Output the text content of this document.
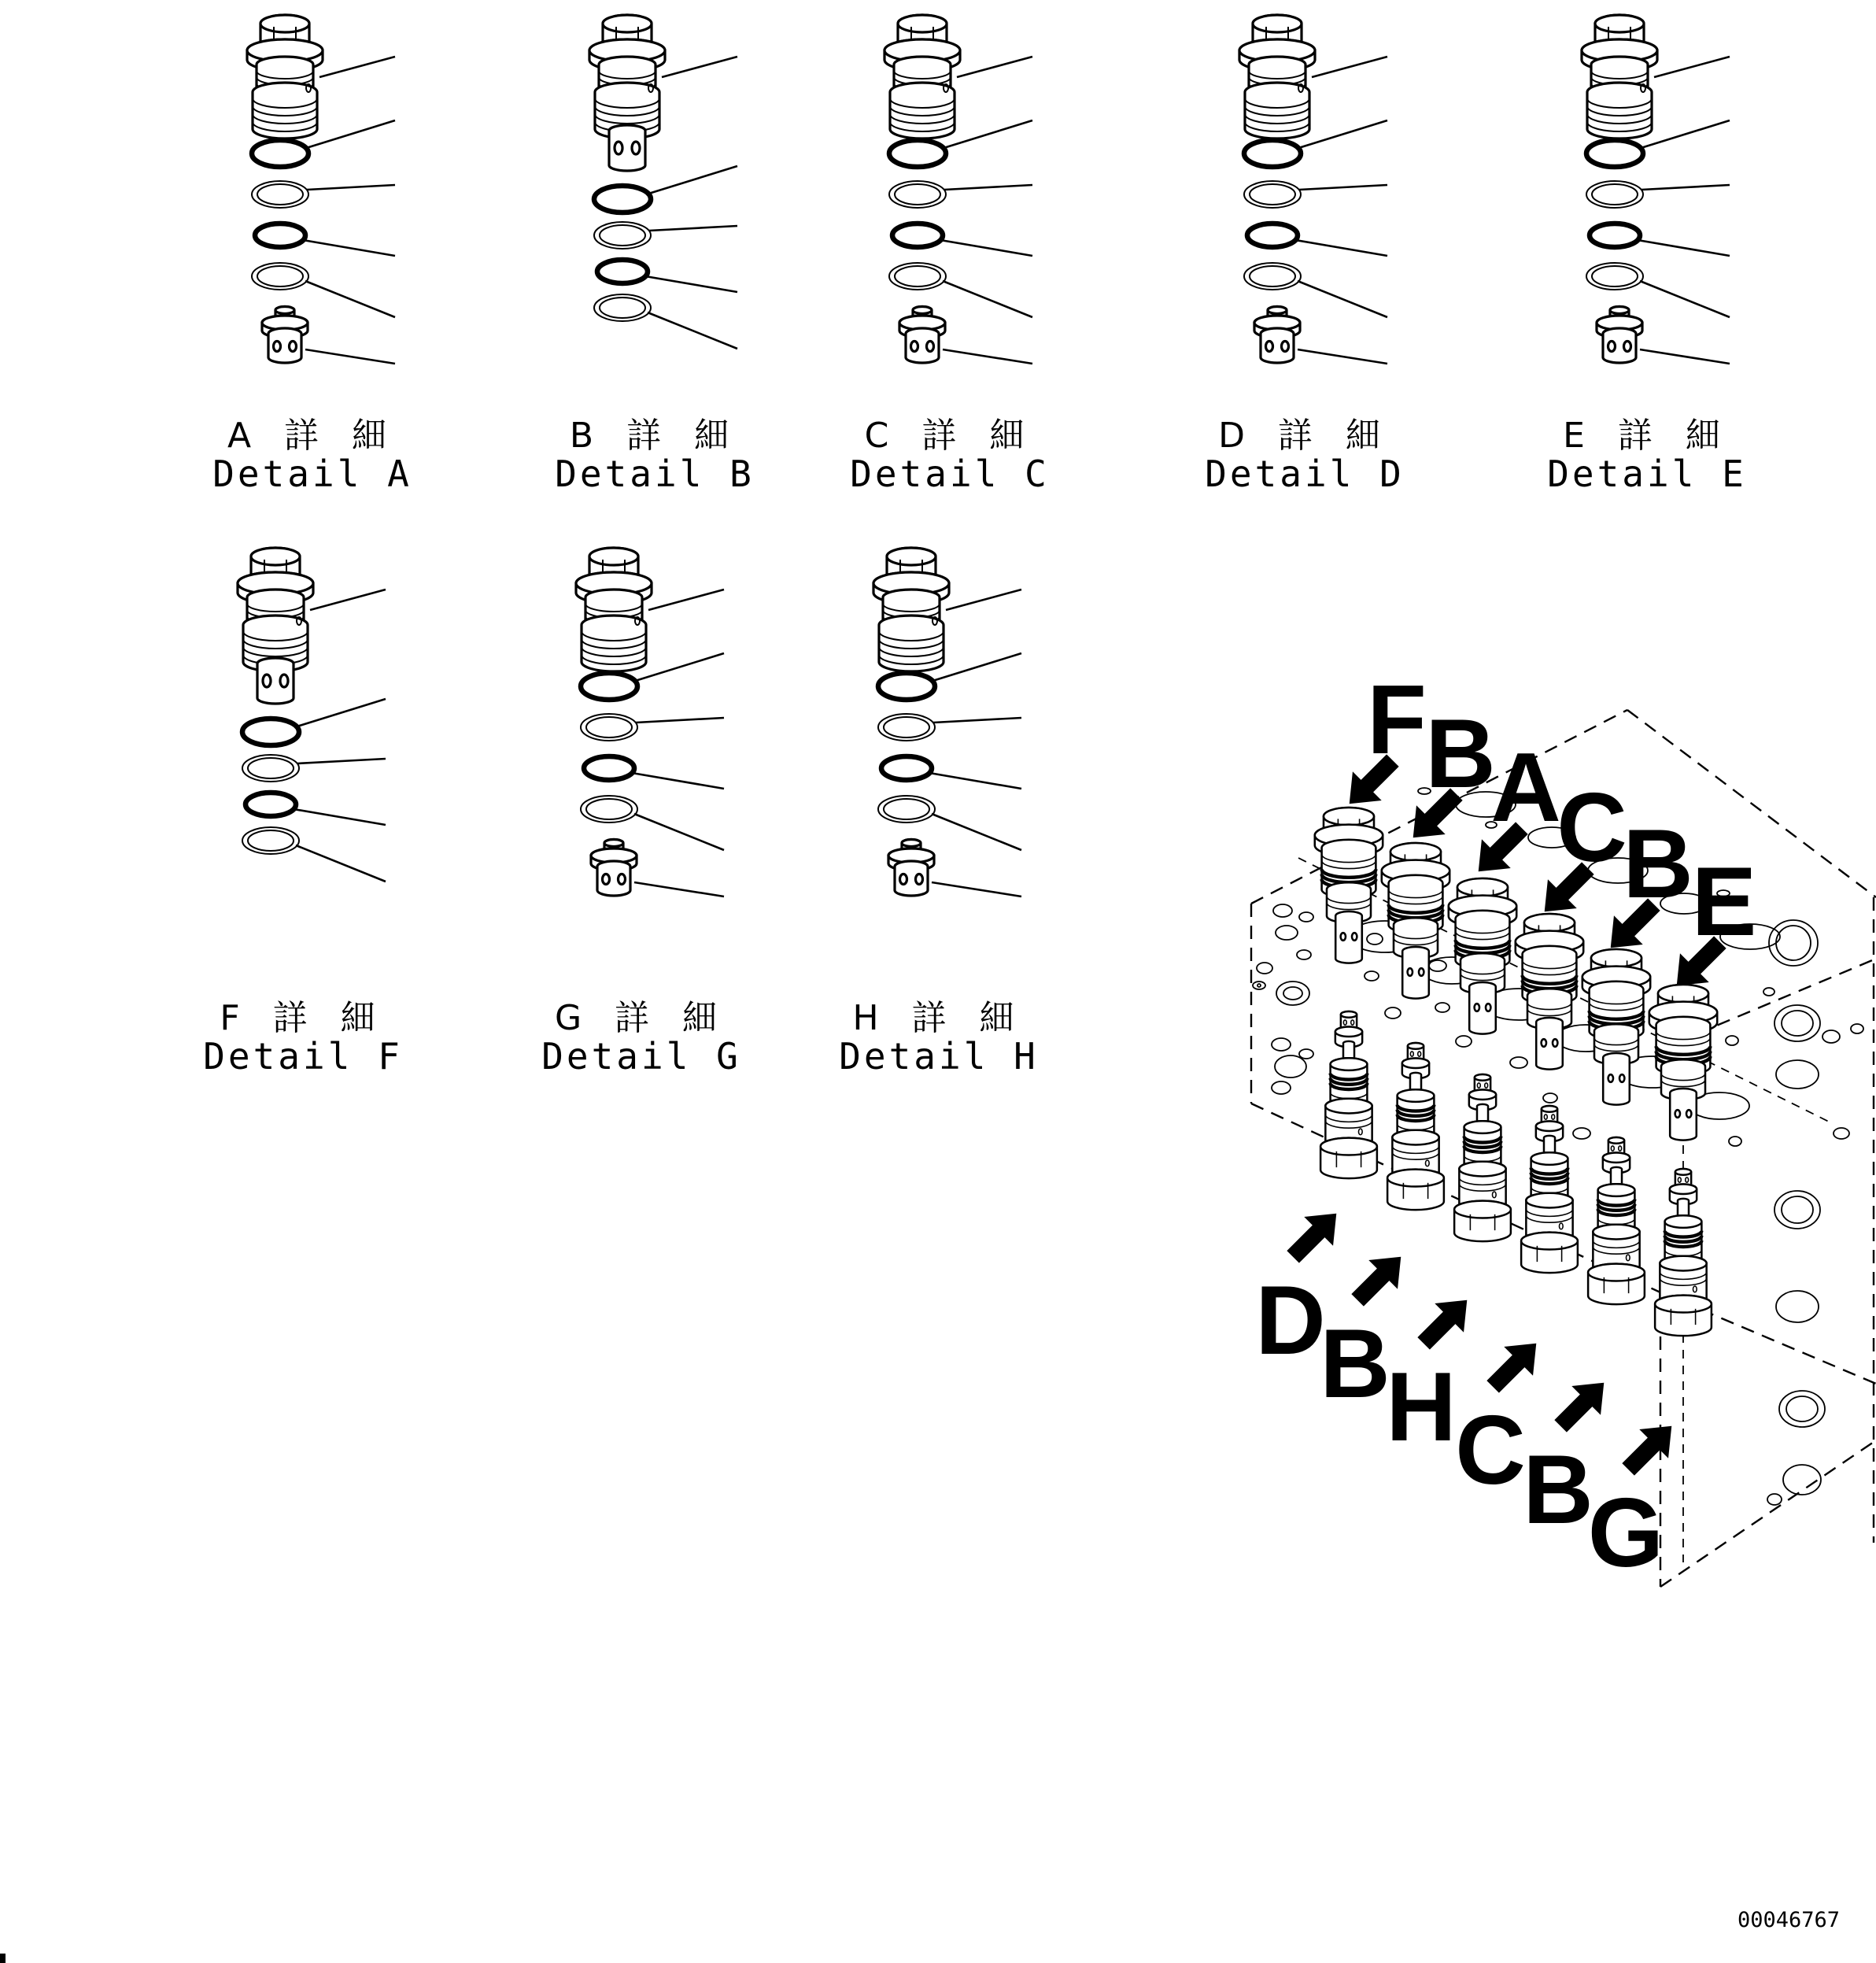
A 詳 細
Detail A
B 詳 細
Detail B
C 詳 細
Detail C
D 詳 細
Detail D
E 詳 細
Detail E
F 詳 細
Detail F
G 詳 細
Detail G
H 詳 細
Detail H
F
B
A
C
B
E
D
B
H
C
B
G
00046767
